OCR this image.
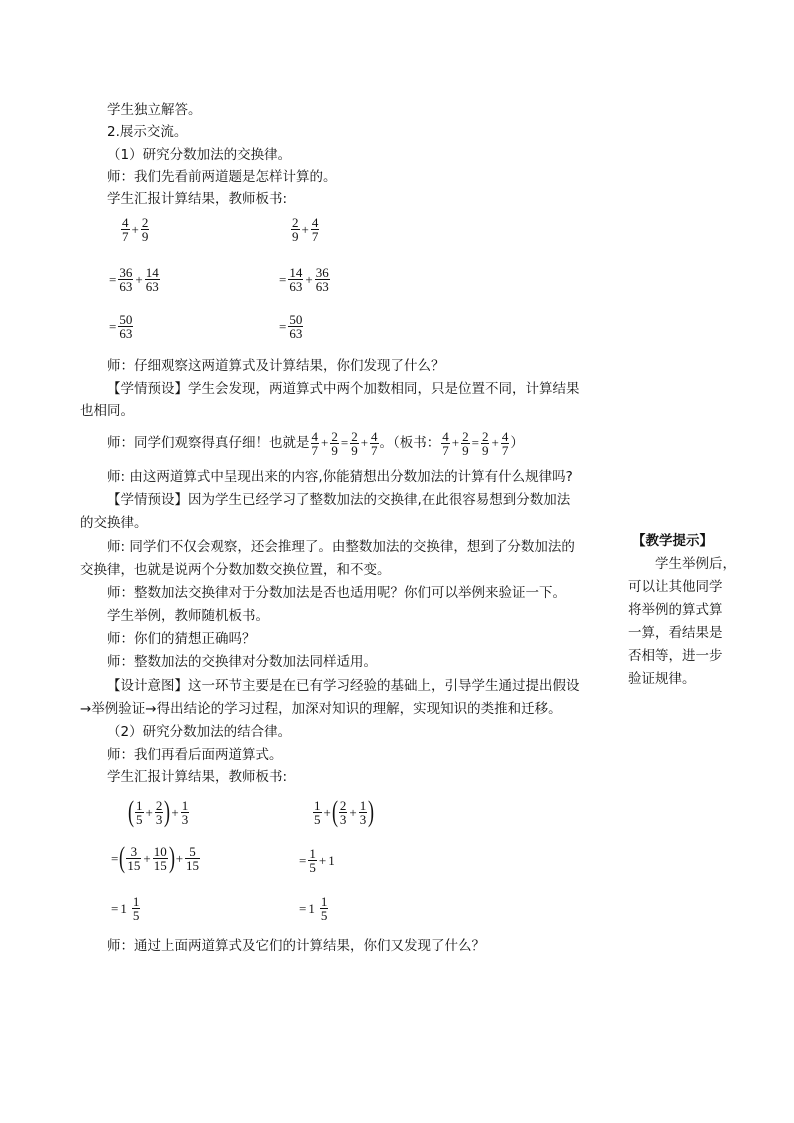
学生独立解答。
2.展示交流。
（1）研究分数加法的交换律。
师：我们先看前两道题是怎样计算的。
学生汇报计算结果，教师板书:
$\frac{4}{7} + \frac{2}{9}$	$\frac{2}{9} + \frac{4}{7}$
= $\frac{36}{63} + \frac{14}{63}$	= $\frac{14}{63} + \frac{36}{63}$
= $\frac{50}{63}$	= $\frac{50}{63}$
师：仔细观察这两道算式及计算结果，你们发现了什么？
【学情预设】学生会发现，两道算式中两个加数相同，只是位置不同，计算结果
也相同。
师：同学们观察得真仔细！也就是 $\frac{4}{7} + \frac{2}{9} = \frac{2}{9} + \frac{4}{7}$ 。（板书： $\frac{4}{7} + \frac{2}{9} = \frac{2}{9} + \frac{4}{7}$ ）
师: 由这两道算式中呈现出来的内容,你能猜想出分数加法的计算有什么规律吗?
【学情预设】因为学生已经学习了整数加法的交换律,在此很容易想到分数加法
的交换律。
师: 同学们不仅会观察，还会推理了。由整数加法的交换律，想到了分数加法的
交换律，也就是说两个分数加数交换位置，和不变。
师：整数加法交换律对于分数加法是否也适用呢？你们可以举例来验证一下。
学生举例，教师随机板书。
师：你们的猜想正确吗？
师：整数加法的交换律对分数加法同样适用。
【设计意图】这一环节主要是在已有学习经验的基础上，引导学生通过提出假设
→举例验证→得出结论的学习过程，加深对知识的理解，实现知识的类推和迁移。
（2）研究分数加法的结合律。
师：我们再看后面两道算式。
学生汇报计算结果，教师板书:
( $\frac{1}{5} + \frac{2}{3}$ ) + $\frac{1}{3}$	$\frac{1}{5}$ + ( $\frac{2}{3} + \frac{1}{3}$ )
= ( $\frac{3}{15} + \frac{10}{15}$ ) + $\frac{5}{15}$	= $\frac{1}{5} + 1$
= $1 \frac{1}{5}$	= $1 \frac{1}{5}$
师：通过上面两道算式及它们的计算结果，你们又发现了什么？
【教学提示】
学生举例后，
可以让其他同学
将举例的算式算
一算，看结果是
否相等，进一步
验证规律。
